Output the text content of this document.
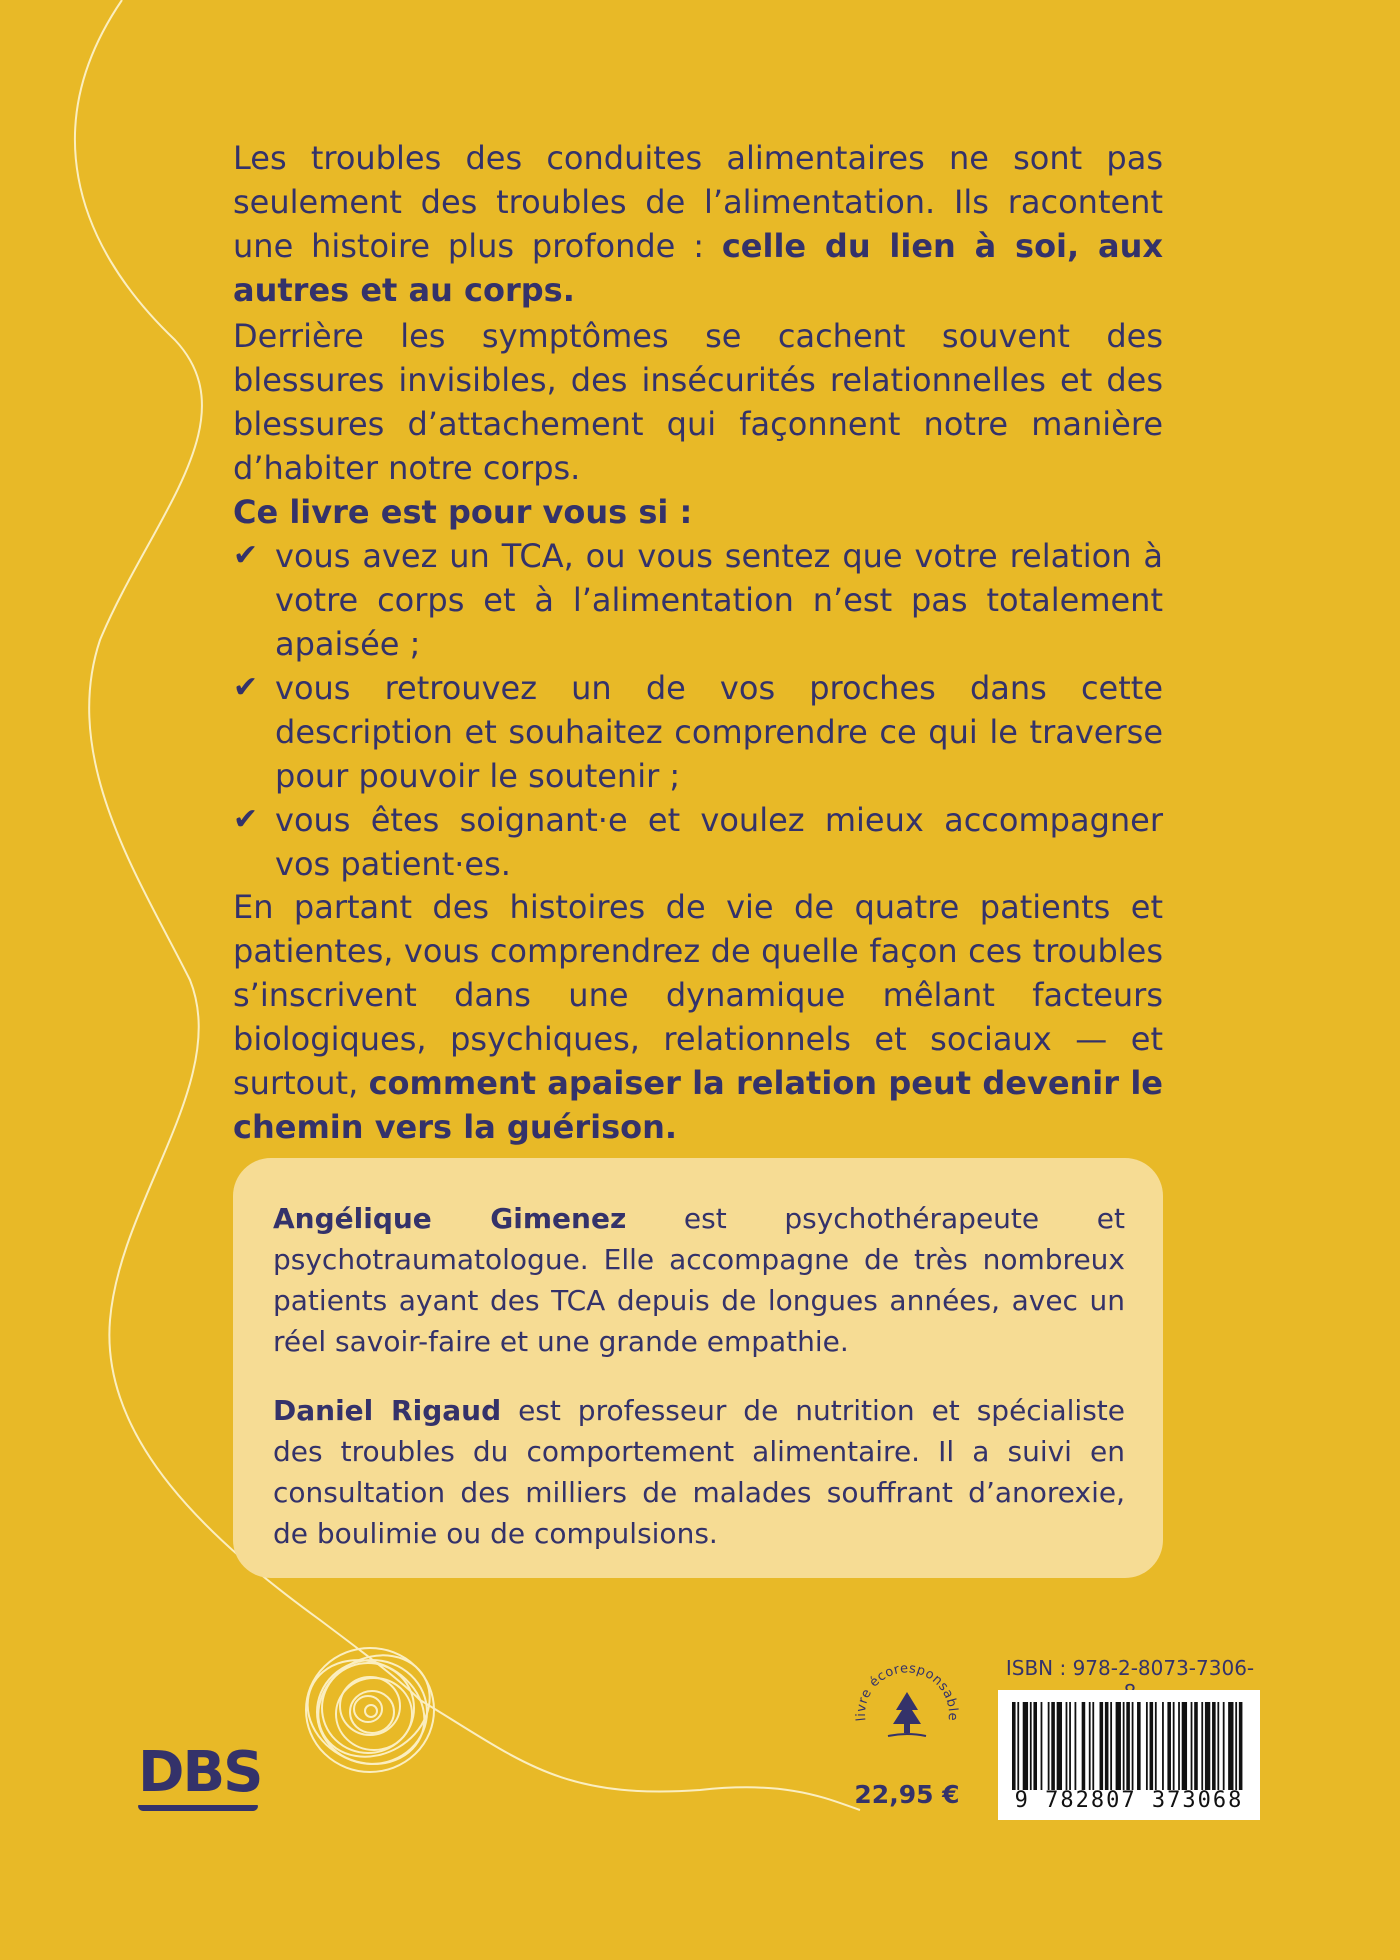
Les troubles des conduites alimentaires ne sont pas seulement des troubles de l’alimentation. Ils racontent une histoire plus profonde : celle du lien à soi, aux autres et au corps.

Derrière les symptômes se cachent souvent des blessures invisibles, des insécurités relationnelles et des blessures d’attachement qui façonnent notre manière d’habiter notre corps.

Ce livre est pour vous si :

✔ vous avez un TCA, ou vous sentez que votre relation à votre corps et à l’alimentation n’est pas totalement apaisée ;
✔ vous retrouvez un de vos proches dans cette description et souhaitez comprendre ce qui le traverse pour pouvoir le soutenir ;
✔ vous êtes soignant·e et voulez mieux accompagner vos patient·es.

En partant des histoires de vie de quatre patients et patientes, vous comprendrez de quelle façon ces troubles s’inscrivent dans une dynamique mêlant facteurs biologiques, psychiques, relationnels et sociaux — et surtout, comment apaiser la relation peut devenir le chemin vers la guérison.

Angélique Gimenez est psychothérapeute et psychotraumatologue. Elle accompagne de très nombreux patients ayant des TCA depuis de longues années, avec un réel savoir-faire et une grande empathie.

Daniel Rigaud est professeur de nutrition et spécialiste des troubles du comportement alimentaire. Il a suivi en consultation des milliers de malades souffrant d’anorexie, de boulimie ou de compulsions.

DBS
livre écoresponsable
22,95 €
ISBN : 978-2-8073-7306-
9 782807 373068
